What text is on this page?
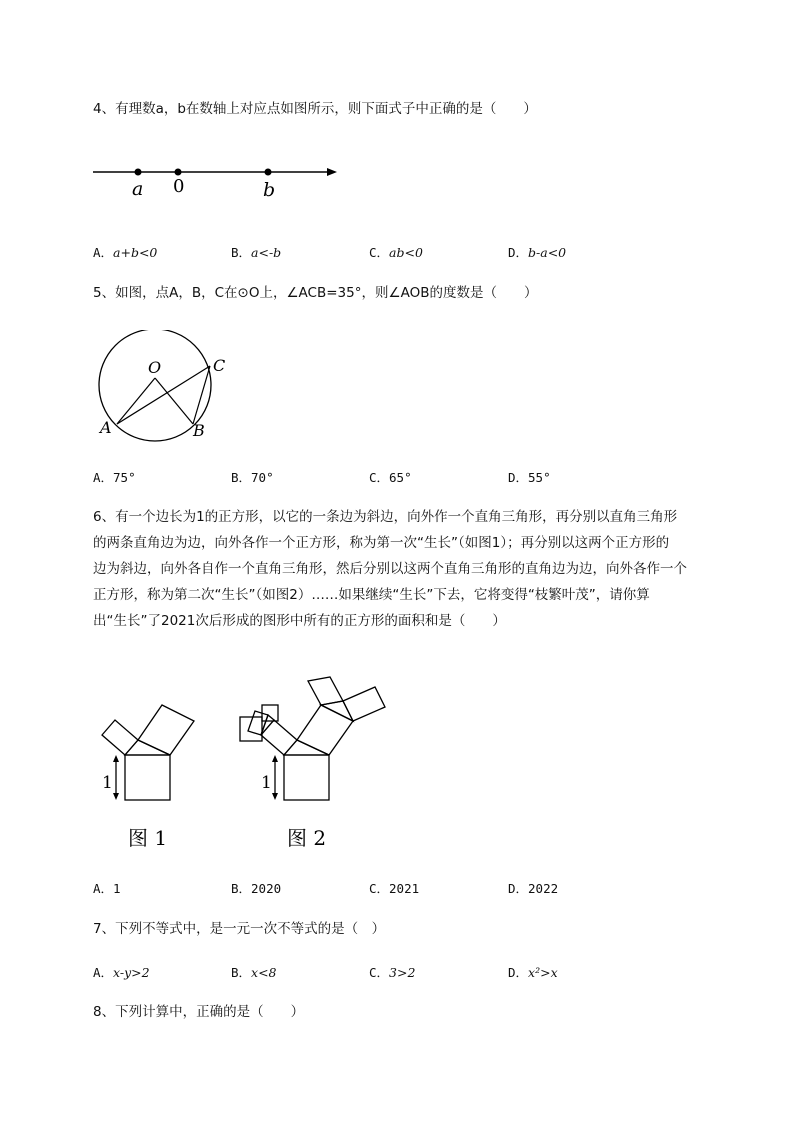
4、有理数a，b在数轴上对应点如图所示，则下面式子中正确的是（　　）
a 0	b
A．a+b<0	B．a<-b	C．ab<0	D．b-a<0
5、如图，点A，B，C在⊙O上，∠ACB=35°，则∠AOB的度数是（　　）
O
A	B
C
A．75°	B．70°	C．65°	D．55°
6、有一个边长为1的正方形，以它的一条边为斜边，向外作一个直角三角形，再分别以直角三角形
的两条直角边为边，向外各作一个正方形，称为第一次“生长”（如图1）；再分别以这两个正方形的
边为斜边，向外各自作一个直角三角形，然后分别以这两个直角三角形的直角边为边，向外各作一个
正方形，称为第二次“生长”（如图2）……如果继续“生长”下去，它将变得“枝繁叶茂”，请你算
出“生长”了2021次后形成的图形中所有的正方形的面积和是（　　）
1
图 1
1
图 2
A．1	B．2020	C．2021	D．2022
7、下列不等式中，是一元一次不等式的是（　）
A．x-y>2	B．x<8	C．3>2	D．x²>x
8、下列计算中，正确的是（　　）
